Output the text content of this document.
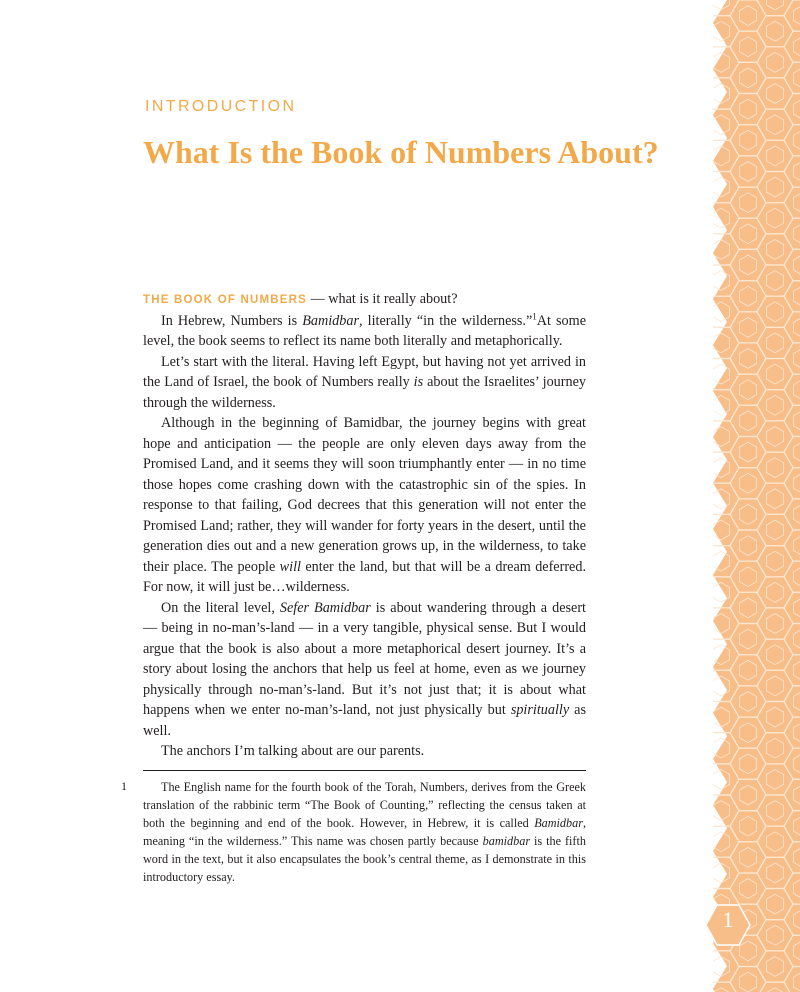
INTRODUCTION
What Is the Book of Numbers About?

THE BOOK OF NUMBERS — what is it really about?

In Hebrew, Numbers is Bamidbar, literally “in the wilderness.”$^1$At some level, the book seems to reflect its name both literally and metaphorically.

Let’s start with the literal. Having left Egypt, but having not yet arrived in the Land of Israel, the book of Numbers really is about the Israelites’ journey through the wilderness.

Although in the beginning of Bamidbar, the journey begins with great hope and anticipation — the people are only eleven days away from the Promised Land, and it seems they will soon triumphantly enter — in no time those hopes come crashing down with the catastrophic sin of the spies. In response to that failing, God decrees that this generation will not enter the Promised Land; rather, they will wander for forty years in the desert, until the generation dies out and a new generation grows up, in the wilderness, to take their place. The people will enter the land, but that will be a dream deferred. For now, it will just be…wilderness.

On the literal level, Sefer Bamidbar is about wandering through a desert — being in no-man’s-land — in a very tangible, physical sense. But I would argue that the book is also about a more metaphorical desert journey. It’s a story about losing the anchors that help us feel at home, even as we journey physically through no-man’s-land. But it’s not just that; it is about what happens when we enter no-man’s-land, not just physically but spiritually as well.

The anchors I’m talking about are our parents.

1	The English name for the fourth book of the Torah, Numbers, derives from the Greek translation of the rabbinic term “The Book of Counting,” reflecting the census taken at both the beginning and end of the book. However, in Hebrew, it is called Bamidbar, meaning “in the wilderness.” This name was chosen partly because bamidbar is the fifth word in the text, but it also encapsulates the book’s central theme, as I demonstrate in this introductory essay.
1
